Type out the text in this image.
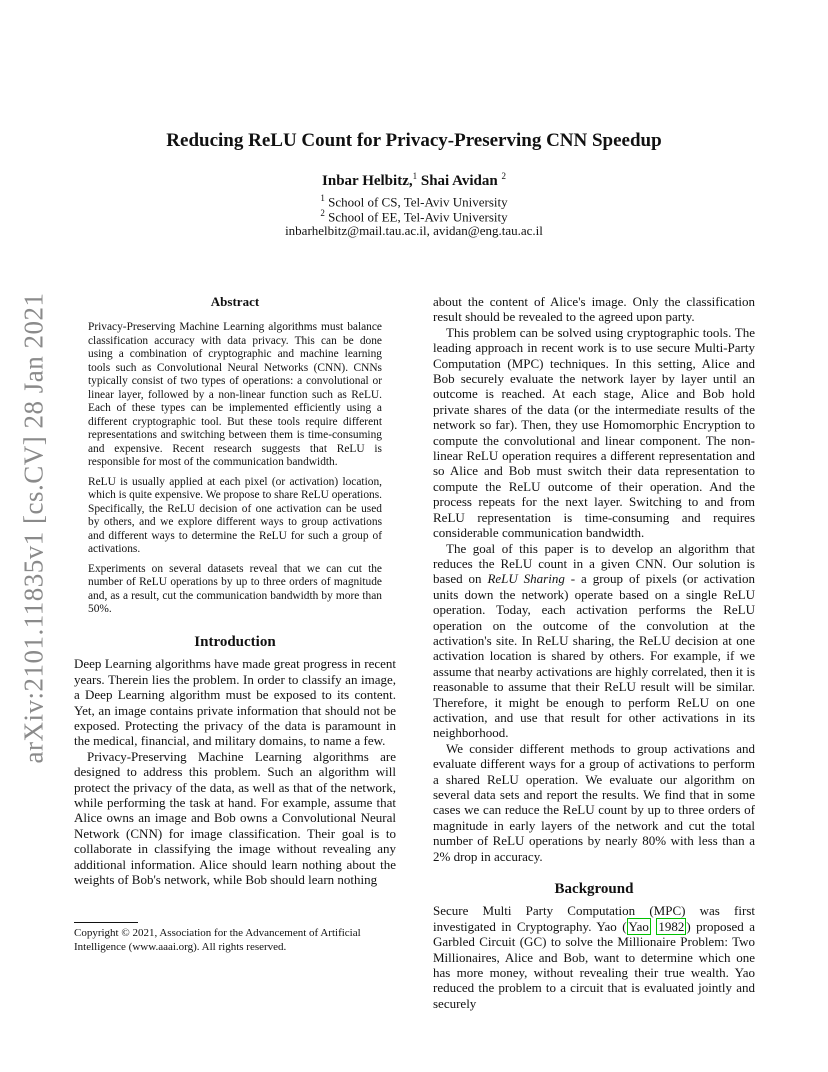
arXiv:2101.11835v1 [cs.CV] 28 Jan 2021
Reducing ReLU Count for Privacy-Preserving CNN Speedup
Inbar Helbitz,$^1$ Shai Avidan $^2$
$^1$ School of CS, Tel-Aviv University
$^2$ School of EE, Tel-Aviv University
inbarhelbitz@mail.tau.ac.il, avidan@eng.tau.ac.il
Abstract

Privacy-Preserving Machine Learning algorithms must balance classification accuracy with data privacy. This can be done using a combination of cryptographic and machine learning tools such as Convolutional Neural Networks (CNN). CNNs typically consist of two types of operations: a convolutional or linear layer, followed by a non-linear function such as ReLU. Each of these types can be implemented efficiently using a different cryptographic tool. But these tools require different representations and switching between them is time-consuming and expensive. Recent research suggests that ReLU is responsible for most of the communication bandwidth.

ReLU is usually applied at each pixel (or activation) location, which is quite expensive. We propose to share ReLU operations. Specifically, the ReLU decision of one activation can be used by others, and we explore different ways to group activations and different ways to determine the ReLU for such a group of activations.

Experiments on several datasets reveal that we can cut the number of ReLU operations by up to three orders of magnitude and, as a result, cut the communication bandwidth by more than 50%.

Introduction

Deep Learning algorithms have made great progress in recent years. Therein lies the problem. In order to classify an image, a Deep Learning algorithm must be exposed to its content. Yet, an image contains private information that should not be exposed. Protecting the privacy of the data is paramount in the medical, financial, and military domains, to name a few.

Privacy-Preserving Machine Learning algorithms are designed to address this problem. Such an algorithm will protect the privacy of the data, as well as that of the network, while performing the task at hand. For example, assume that Alice owns an image and Bob owns a Convolutional Neural Network (CNN) for image classification. Their goal is to collaborate in classifying the image without revealing any additional information. Alice should learn nothing about the weights of Bob's network, while Bob should learn nothing

about the content of Alice's image. Only the classification result should be revealed to the agreed upon party.

This problem can be solved using cryptographic tools. The leading approach in recent work is to use secure Multi-Party Computation (MPC) techniques. In this setting, Alice and Bob securely evaluate the network layer by layer until an outcome is reached. At each stage, Alice and Bob hold private shares of the data (or the intermediate results of the network so far). Then, they use Homomorphic Encryption to compute the convolutional and linear component. The non-linear ReLU operation requires a different representation and so Alice and Bob must switch their data representation to compute the ReLU outcome of their operation. And the process repeats for the next layer. Switching to and from ReLU representation is time-consuming and requires considerable communication bandwidth.

The goal of this paper is to develop an algorithm that reduces the ReLU count in a given CNN. Our solution is based on ReLU Sharing - a group of pixels (or activation units down the network) operate based on a single ReLU operation. Today, each activation performs the ReLU operation on the outcome of the convolution at the activation's site. In ReLU sharing, the ReLU decision at one activation location is shared by others. For example, if we assume that nearby activations are highly correlated, then it is reasonable to assume that their ReLU result will be similar. Therefore, it might be enough to perform ReLU on one activation, and use that result for other activations in its neighborhood.

We consider different methods to group activations and evaluate different ways for a group of activations to perform a shared ReLU operation. We evaluate our algorithm on several data sets and report the results. We find that in some cases we can reduce the ReLU count by up to three orders of magnitude in early layers of the network and cut the total number of ReLU operations by nearly 80% with less than a 2% drop in accuracy.

Background

Secure Multi Party Computation (MPC) was first investigated in Cryptography. Yao ( Yao 1982 ) proposed a Garbled Circuit (GC) to solve the Millionaire Problem: Two Millionaires, Alice and Bob, want to determine which one has more money, without revealing their true wealth. Yao reduced the problem to a circuit that is evaluated jointly and securely

Copyright © 2021, Association for the Advancement of Artificial Intelligence (www.aaai.org). All rights reserved.
